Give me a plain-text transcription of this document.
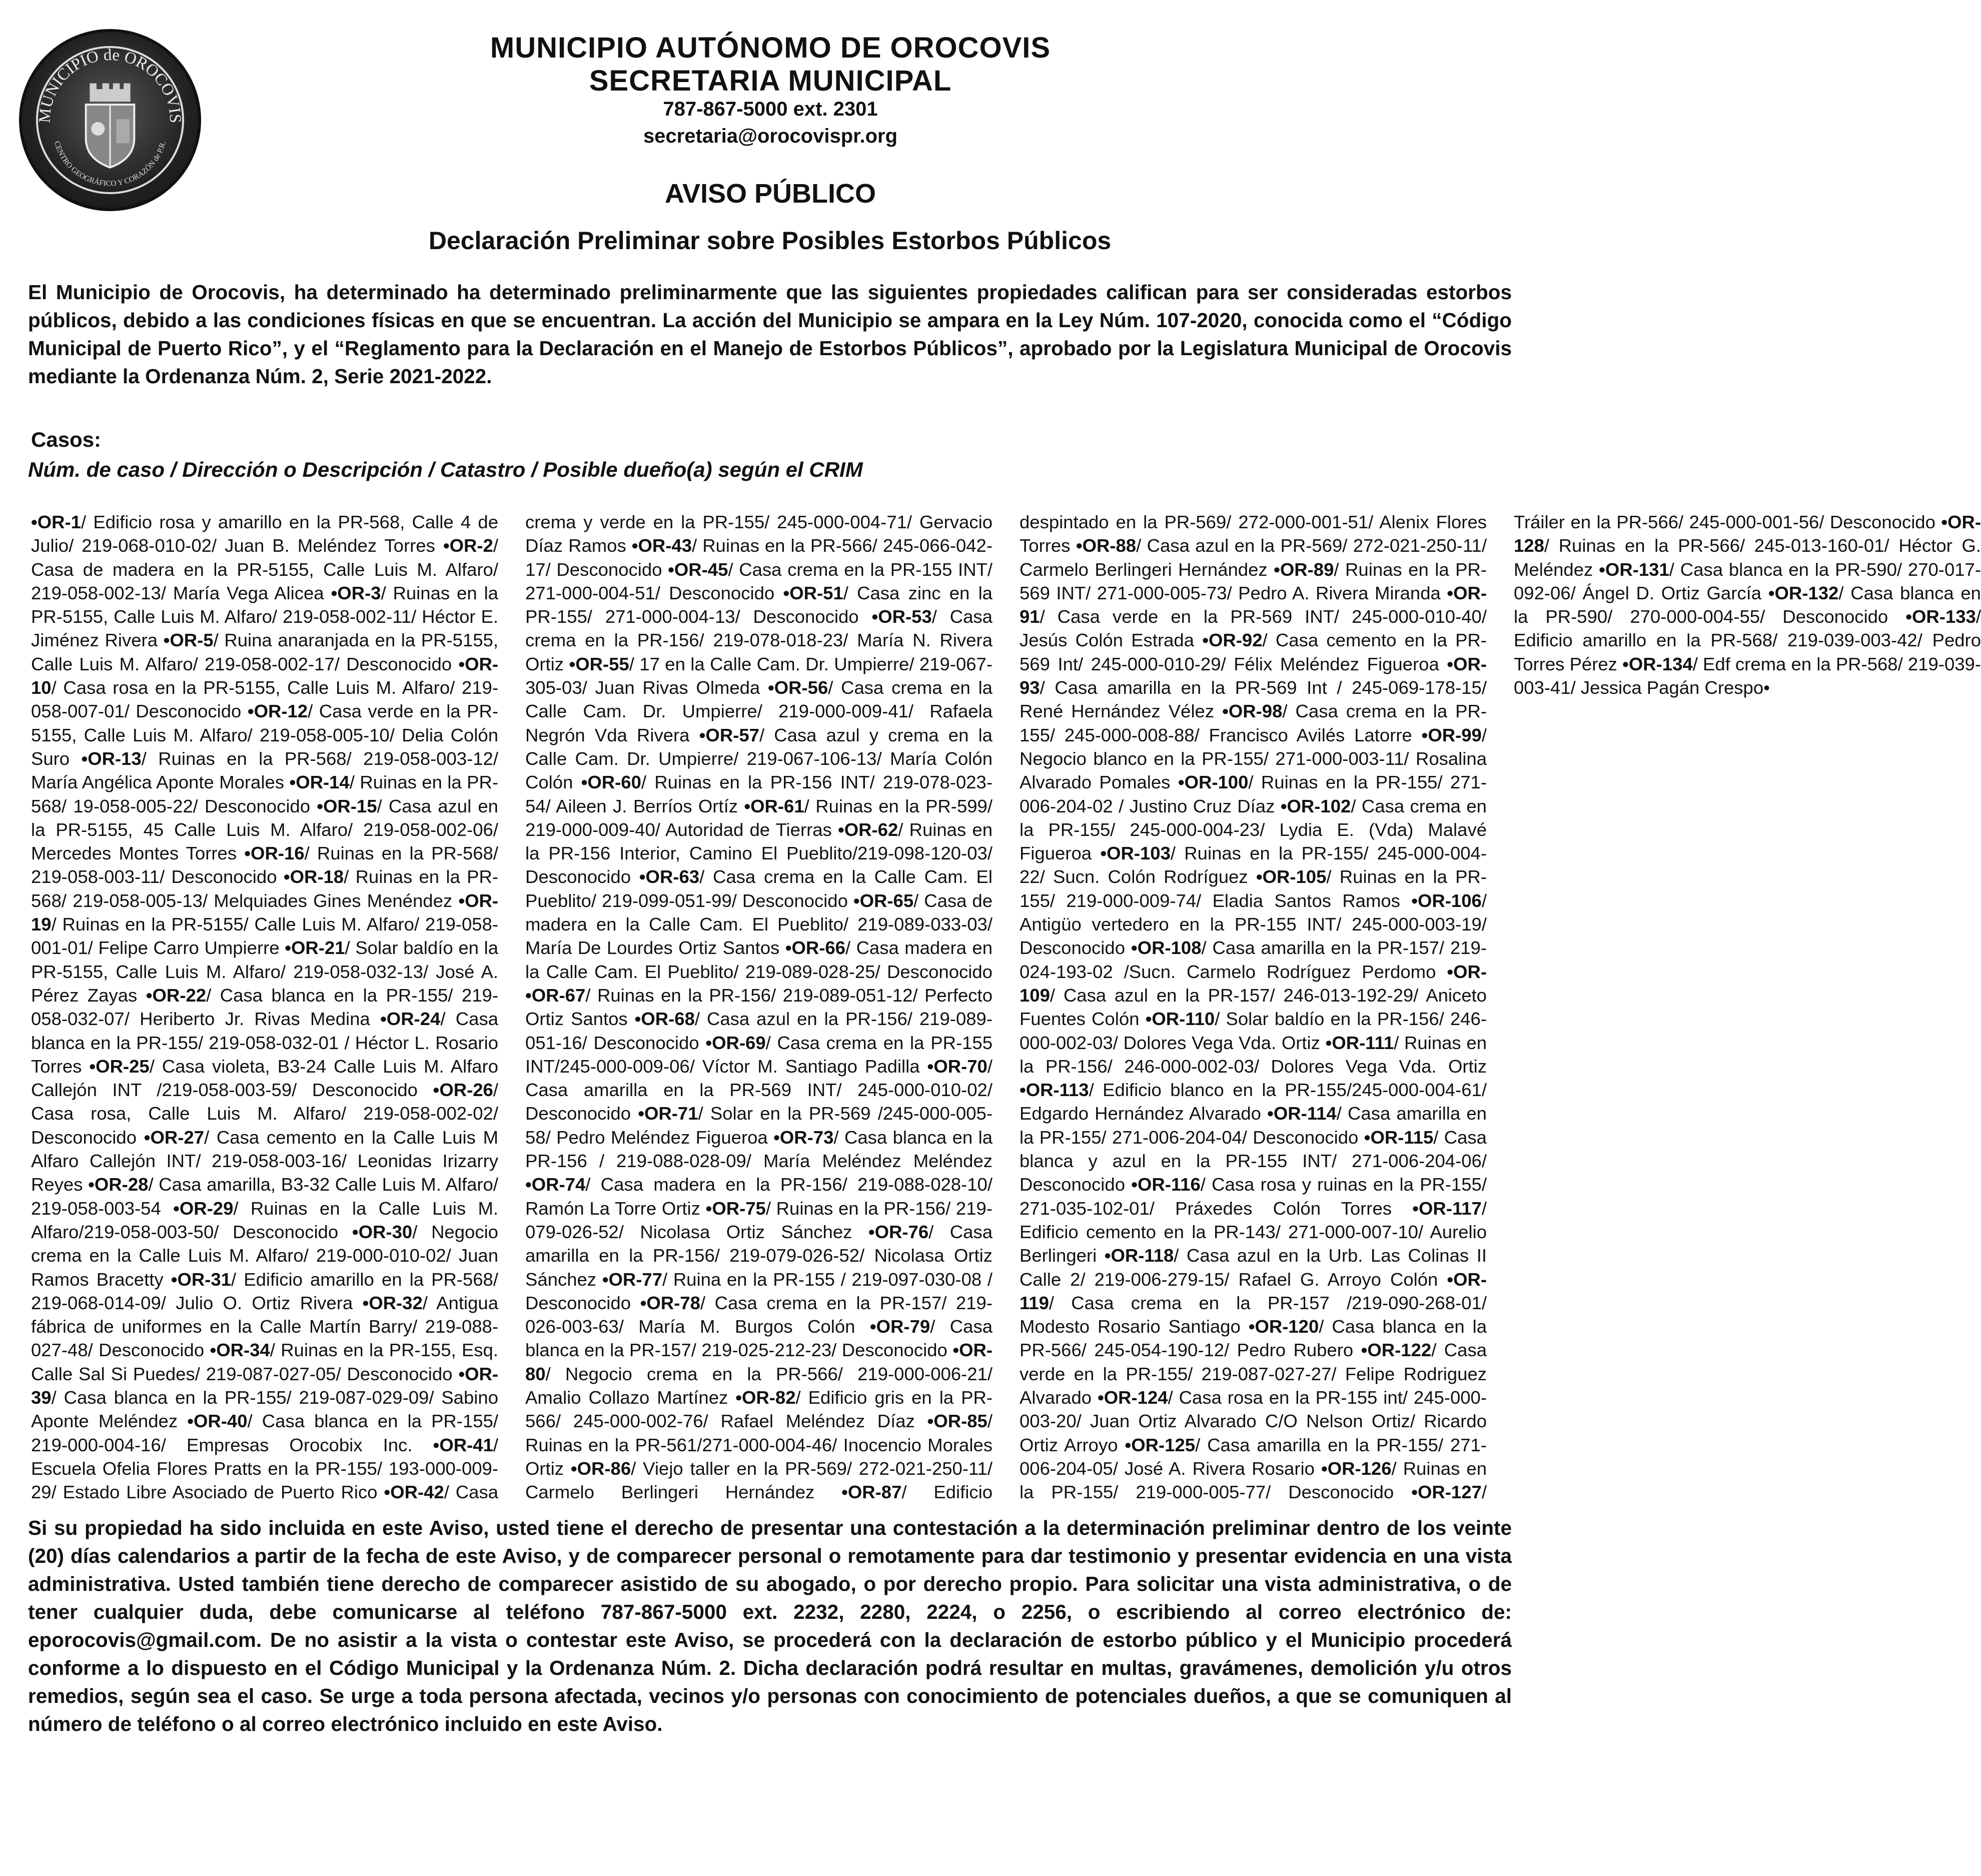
MUNICIPIO de OROCOVIS
CENTRO GEOGRÁFICO Y CORAZÓN de P.R.
MUNICIPIO AUTÓNOMO DE OROCOVIS
SECRETARIA MUNICIPAL
787-867-5000 ext. 2301
secretaria@orocovispr.org
AVISO PÚBLICO
Declaración Preliminar sobre Posibles Estorbos Públicos
El Municipio de Orocovis, ha determinado ha determinado preliminarmente que las siguientes propiedades califican para ser consideradas estorbos públicos, debido a las condiciones físicas en que se encuentran. La acción del Municipio se ampara en la Ley Núm. 107-2020, conocida como el “Código Municipal de Puerto Rico”, y el “Reglamento para la Declaración en el Manejo de Estorbos Públicos”, aprobado por la Legislatura Municipal de Orocovis mediante la Ordenanza Núm. 2, Serie 2021-2022.
Casos:
Núm. de caso / Dirección o Descripción / Catastro / Posible dueño(a) según el CRIM
•OR-1/ Edificio rosa y amarillo en la PR-568, Calle 4 de Julio/ 219-068-010-02/ Juan B. Meléndez Torres •OR-2/ Casa de madera en la PR-5155, Calle Luis M. Alfaro/ 219-058-002-13/ María Vega Alicea •OR-3/ Ruinas en la PR-5155, Calle Luis M. Alfaro/ 219-058-002-11/ Héctor E. Jiménez Rivera •OR-5/ Ruina anaranjada en la PR-5155, Calle Luis M. Alfaro/ 219-058-002-17/ Desconocido •OR-10/ Casa rosa en la PR-5155, Calle Luis M. Alfaro/ 219-058-007-01/ Desconocido •OR-12/ Casa verde en la PR-5155, Calle Luis M. Alfaro/ 219-058-005-10/ Delia Colón Suro •OR-13/ Ruinas en la PR-568/ 219-058-003-12/ María Angélica Aponte Morales •OR-14/ Ruinas en la PR-568/ 19-058-005-22/ Desconocido •OR-15/ Casa azul en la PR-5155, 45 Calle Luis M. Alfaro/ 219-058-002-06/ Mercedes Montes Torres •OR-16/ Ruinas en la PR-568/ 219-058-003-11/ Desconocido •OR-18/ Ruinas en la PR-568/ 219-058-005-13/ Melquiades Gines Menéndez •OR-19/ Ruinas en la PR-5155/ Calle Luis M. Alfaro/ 219-058-001-01/ Felipe Carro Umpierre •OR-21/ Solar baldío en la PR-5155, Calle Luis M. Alfaro/ 219-058-032-13/ José A. Pérez Zayas •OR-22/ Casa blanca en la PR-155/ 219-058-032-07/ Heriberto Jr. Rivas Medina •OR-24/ Casa blanca en la PR-155/ 219-058-032-01 / Héctor L. Rosario Torres •OR-25/ Casa violeta, B3-24 Calle Luis M. Alfaro Callejón INT /219-058-003-59/ Desconocido •OR-26/ Casa rosa, Calle Luis M. Alfaro/ 219-058-002-02/ Desconocido •OR-27/ Casa cemento en la Calle Luis M Alfaro Callejón INT/ 219-058-003-16/ Leonidas Irizarry Reyes •OR-28/ Casa amarilla, B3-32 Calle Luis M. Alfaro/ 219-058-003-54 •OR-29/ Ruinas en la Calle Luis M. Alfaro/219-058-003-50/ Desconocido •OR-30/ Negocio crema en la Calle Luis M. Alfaro/ 219-000-010-02/ Juan Ramos Bracetty •OR-31/ Edificio amarillo en la PR-568/ 219-068-014-09/ Julio O. Ortiz Rivera •OR-32/ Antigua fábrica de uniformes en la Calle Martín Barry/ 219-088-027-48/ Desconocido •OR-34/ Ruinas en la PR-155, Esq. Calle Sal Si Puedes/ 219-087-027-05/ Desconocido •OR-39/ Casa blanca en la PR-155/ 219-087-029-09/ Sabino Aponte Meléndez •OR-40/ Casa blanca en la PR-155/ 219-000-004-16/ Empresas Orocobix Inc. •OR-41/ Escuela Ofelia Flores Pratts en la PR-155/ 193-000-009-29/ Estado Libre Asociado de Puerto Rico •OR-42/ Casa crema y verde en la PR-155/ 245-000-004-71/ Gervacio Díaz Ramos •OR-43/ Ruinas en la PR-566/ 245-066-042-17/ Desconocido •OR-45/ Casa crema en la PR-155 INT/ 271-000-004-51/ Desconocido •OR-51/ Casa zinc en la PR-155/ 271-000-004-13/ Desconocido •OR-53/ Casa crema en la PR-156/ 219-078-018-23/ María N. Rivera Ortiz •OR-55/ 17 en la Calle Cam. Dr. Umpierre/ 219-067-305-03/ Juan Rivas Olmeda •OR-56/ Casa crema en la Calle Cam. Dr. Umpierre/ 219-000-009-41/ Rafaela Negrón Vda Rivera •OR-57/ Casa azul y crema en la Calle Cam. Dr. Umpierre/ 219-067-106-13/ María Colón Colón •OR-60/ Ruinas en la PR-156 INT/ 219-078-023-54/ Aileen J. Berríos Ortíz •OR-61/ Ruinas en la PR-599/ 219-000-009-40/ Autoridad de Tierras •OR-62/ Ruinas en la PR-156 Interior, Camino El Pueblito/219-098-120-03/ Desconocido •OR-63/ Casa crema en la Calle Cam. El Pueblito/ 219-099-051-99/ Desconocido •OR-65/ Casa de madera en la Calle Cam. El Pueblito/ 219-089-033-03/ María De Lourdes Ortiz Santos •OR-66/ Casa madera en la Calle Cam. El Pueblito/ 219-089-028-25/ Desconocido •OR-67/ Ruinas en la PR-156/ 219-089-051-12/ Perfecto Ortiz Santos •OR-68/ Casa azul en la PR-156/ 219-089-051-16/ Desconocido •OR-69/ Casa crema en la PR-155 INT/245-000-009-06/ Víctor M. Santiago Padilla •OR-70/ Casa amarilla en la PR-569 INT/ 245-000-010-02/ Desconocido •OR-71/ Solar en la PR-569 /245-000-005-58/ Pedro Meléndez Figueroa •OR-73/ Casa blanca en la PR-156 / 219-088-028-09/ María Meléndez Meléndez •OR-74/ Casa madera en la PR-156/ 219-088-028-10/ Ramón La Torre Ortiz •OR-75/ Ruinas en la PR-156/ 219-079-026-52/ Nicolasa Ortiz Sánchez •OR-76/ Casa amarilla en la PR-156/ 219-079-026-52/ Nicolasa Ortiz Sánchez •OR-77/ Ruina en la PR-155 / 219-097-030-08 / Desconocido •OR-78/ Casa crema en la PR-157/ 219-026-003-63/ María M. Burgos Colón •OR-79/ Casa blanca en la PR-157/ 219-025-212-23/ Desconocido •OR-80/ Negocio crema en la PR-566/ 219-000-006-21/ Amalio Collazo Martínez •OR-82/ Edificio gris en la PR-566/ 245-000-002-76/ Rafael Meléndez Díaz •OR-85/ Ruinas en la PR-561/271-000-004-46/ Inocencio Morales Ortiz •OR-86/ Viejo taller en la PR-569/ 272-021-250-11/ Carmelo Berlingeri Hernández •OR-87/ Edificio despintado en la PR-569/ 272-000-001-51/ Alenix Flores Torres •OR-88/ Casa azul en la PR-569/ 272-021-250-11/ Carmelo Berlingeri Hernández •OR-89/ Ruinas en la PR-569 INT/ 271-000-005-73/ Pedro A. Rivera Miranda •OR-91/ Casa verde en la PR-569 INT/ 245-000-010-40/ Jesús Colón Estrada •OR-92/ Casa cemento en la PR-569 Int/ 245-000-010-29/ Félix Meléndez Figueroa •OR-93/ Casa amarilla en la PR-569 Int / 245-069-178-15/ René Hernández Vélez •OR-98/ Casa crema en la PR-155/ 245-000-008-88/ Francisco Avilés Latorre •OR-99/ Negocio blanco en la PR-155/ 271-000-003-11/ Rosalina Alvarado Pomales •OR-100/ Ruinas en la PR-155/ 271-006-204-02 / Justino Cruz Díaz •OR-102/ Casa crema en la PR-155/ 245-000-004-23/ Lydia E. (Vda) Malavé Figueroa •OR-103/ Ruinas en la PR-155/ 245-000-004-22/ Sucn. Colón Rodríguez •OR-105/ Ruinas en la PR-155/ 219-000-009-74/ Eladia Santos Ramos •OR-106/ Antigüo vertedero en la PR-155 INT/ 245-000-003-19/ Desconocido •OR-108/ Casa amarilla en la PR-157/ 219-024-193-02 /Sucn. Carmelo Rodríguez Perdomo •OR-109/ Casa azul en la PR-157/ 246-013-192-29/ Aniceto Fuentes Colón •OR-110/ Solar baldío en la PR-156/ 246-000-002-03/ Dolores Vega Vda. Ortiz •OR-111/ Ruinas en la PR-156/ 246-000-002-03/ Dolores Vega Vda. Ortiz •OR-113/ Edificio blanco en la PR-155/245-000-004-61/ Edgardo Hernández Alvarado •OR-114/ Casa amarilla en la PR-155/ 271-006-204-04/ Desconocido •OR-115/ Casa blanca y azul en la PR-155 INT/ 271-006-204-06/ Desconocido •OR-116/ Casa rosa y ruinas en la PR-155/ 271-035-102-01/ Práxedes Colón Torres •OR-117/ Edificio cemento en la PR-143/ 271-000-007-10/ Aurelio Berlingeri •OR-118/ Casa azul en la Urb. Las Colinas II Calle 2/ 219-006-279-15/ Rafael G. Arroyo Colón •OR-119/ Casa crema en la PR-157 /219-090-268-01/ Modesto Rosario Santiago •OR-120/ Casa blanca en la PR-566/ 245-054-190-12/ Pedro Rubero •OR-122/ Casa verde en la PR-155/ 219-087-027-27/ Felipe Rodriguez Alvarado •OR-124/ Casa rosa en la PR-155 int/ 245-000-003-20/ Juan Ortiz Alvarado C/O Nelson Ortiz/ Ricardo Ortiz Arroyo •OR-125/ Casa amarilla en la PR-155/ 271-006-204-05/ José A. Rivera Rosario •OR-126/ Ruinas en la PR-155/ 219-000-005-77/ Desconocido •OR-127/ Tráiler en la PR-566/ 245-000-001-56/ Desconocido •OR-128/ Ruinas en la PR-566/ 245-013-160-01/ Héctor G. Meléndez •OR-131/ Casa blanca en la PR-590/ 270-017-092-06/ Ángel D. Ortiz García •OR-132/ Casa blanca en la PR-590/ 270-000-004-55/ Desconocido •OR-133/ Edificio amarillo en la PR-568/ 219-039-003-42/ Pedro Torres Pérez •OR-134/ Edf crema en la PR-568/ 219-039-003-41/ Jessica Pagán Crespo•
Si su propiedad ha sido incluida en este Aviso, usted tiene el derecho de presentar una contestación a la determinación preliminar dentro de los veinte (20) días calendarios a partir de la fecha de este Aviso, y de comparecer personal o remotamente para dar testimonio y presentar evidencia en una vista administrativa. Usted también tiene derecho de comparecer asistido de su abogado, o por derecho propio. Para solicitar una vista administrativa, o de tener cualquier duda, debe comunicarse al teléfono 787-867-5000 ext. 2232, 2280, 2224, o 2256, o escribiendo al correo electrónico de: eporocovis@gmail.com. De no asistir a la vista o contestar este Aviso, se procederá con la declaración de estorbo público y el Municipio procederá conforme a lo dispuesto en el Código Municipal y la Ordenanza Núm. 2. Dicha declaración podrá resultar en multas, gravámenes, demolición y/u otros remedios, según sea el caso. Se urge a toda persona afectada, vecinos y/o personas con conocimiento de potenciales dueños, a que se comuniquen al número de teléfono o al correo electrónico incluido en este Aviso.
